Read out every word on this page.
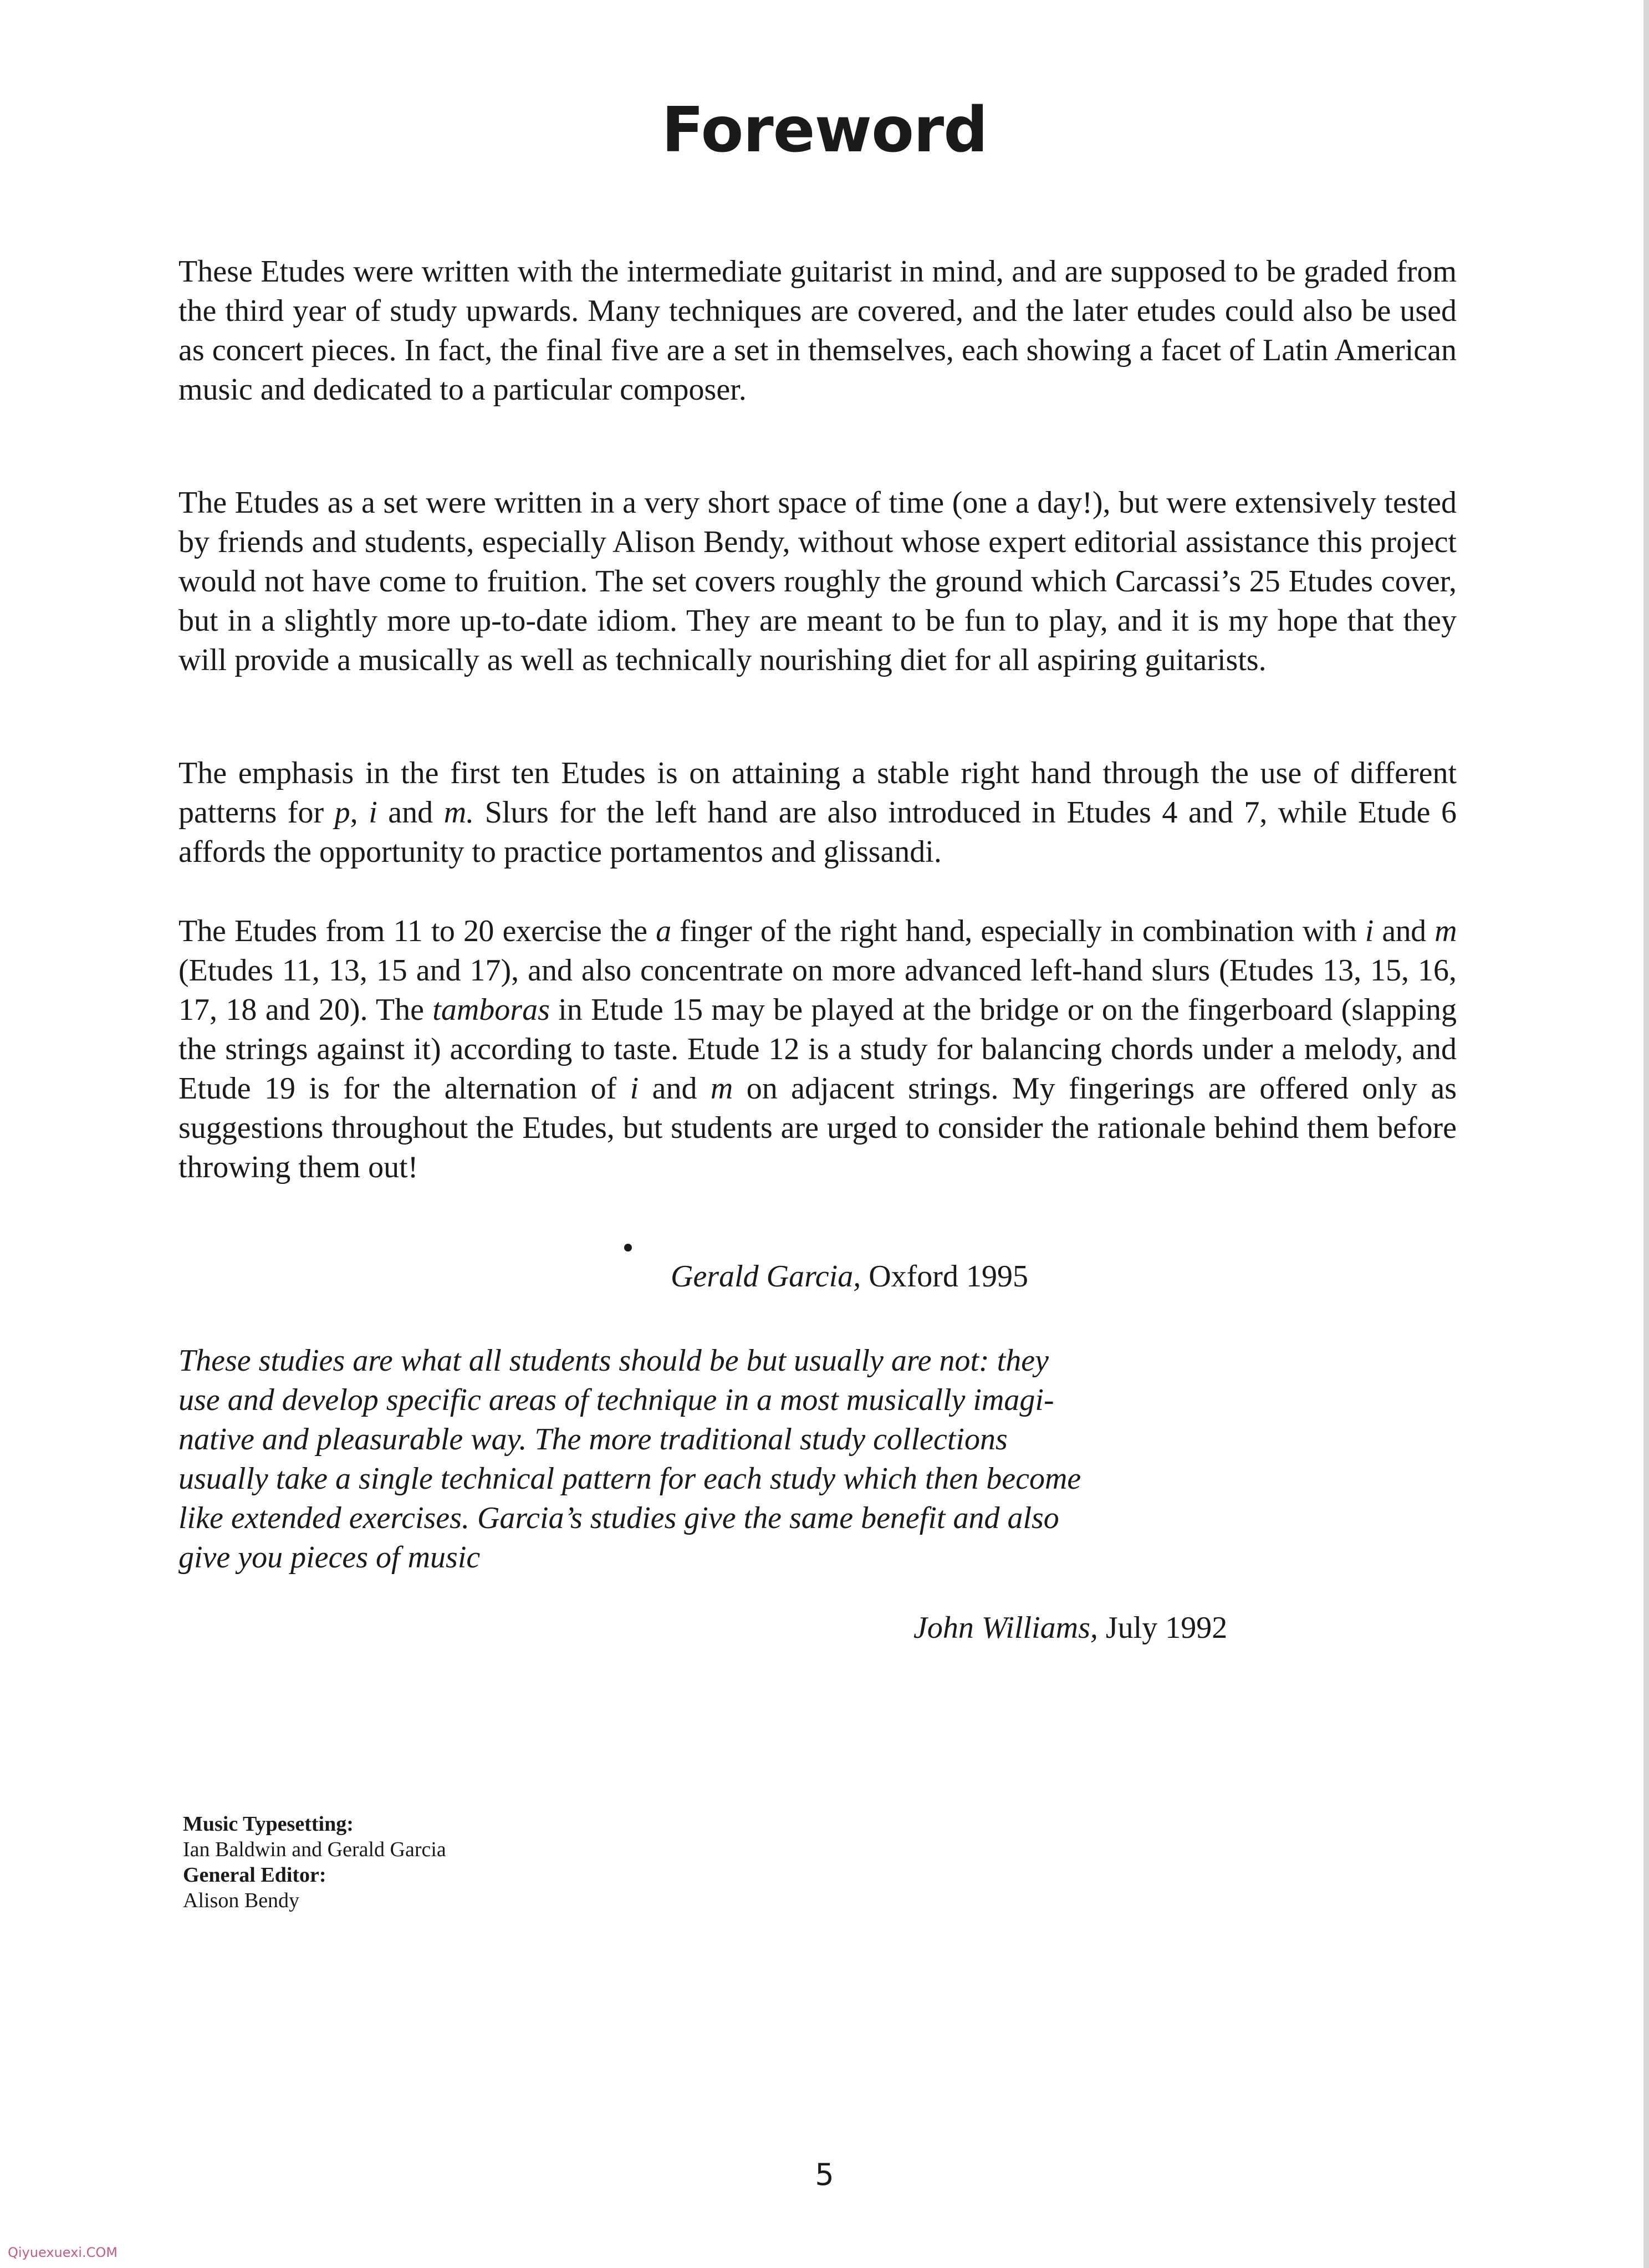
Foreword

These Etudes were written with the intermediate guitarist in mind, and are supposed to be graded from the third year of study upwards. Many techniques are covered, and the later etudes could also be used as concert pieces. In fact, the final five are a set in themselves, each showing a facet of Latin American music and dedicated to a particular composer.

The Etudes as a set were written in a very short space of time (one a day!), but were extensively tested by friends and students, especially Alison Bendy, without whose expert editorial assistance this project would not have come to fruition. The set covers roughly the ground which Carcassi’s 25 Etudes cover, but in a slightly more up-to-date idiom. They are meant to be fun to play, and it is my hope that they will provide a musically as well as technically nourishing diet for all aspiring guitarists.

The emphasis in the first ten Etudes is on attaining a stable right hand through the use of different patterns for p, i and m. Slurs for the left hand are also introduced in Etudes 4 and 7, while Etude 6 affords the opportunity to practice portamentos and glissandi.

The Etudes from 11 to 20 exercise the a finger of the right hand, especially in combination with i and m (Etudes 11, 13, 15 and 17), and also concentrate on more advanced left-hand slurs (Etudes 13, 15, 16, 17, 18 and 20). The tamboras in Etude 15 may be played at the bridge or on the fingerboard (slapping the strings against it) according to taste. Etude 12 is a study for balancing chords under a melody, and Etude 19 is for the alternation of i and m on adjacent strings. My fingerings are offered only as suggestions throughout the Etudes, but students are urged to consider the rationale behind them before throwing them out!

Gerald Garcia, Oxford 1995

These studies are what all students should be but usually are not: they
use and develop specific areas of technique in a most musically imagi-
native and pleasurable way. The more traditional study collections
usually take a single technical pattern for each study which then become
like extended exercises. Garcia’s studies give the same benefit and also
give you pieces of music

John Williams, July 1992

Music Typesetting:
Ian Baldwin and Gerald Garcia
General Editor:
Alison Bendy

5

Qiyuexuexi.COM
